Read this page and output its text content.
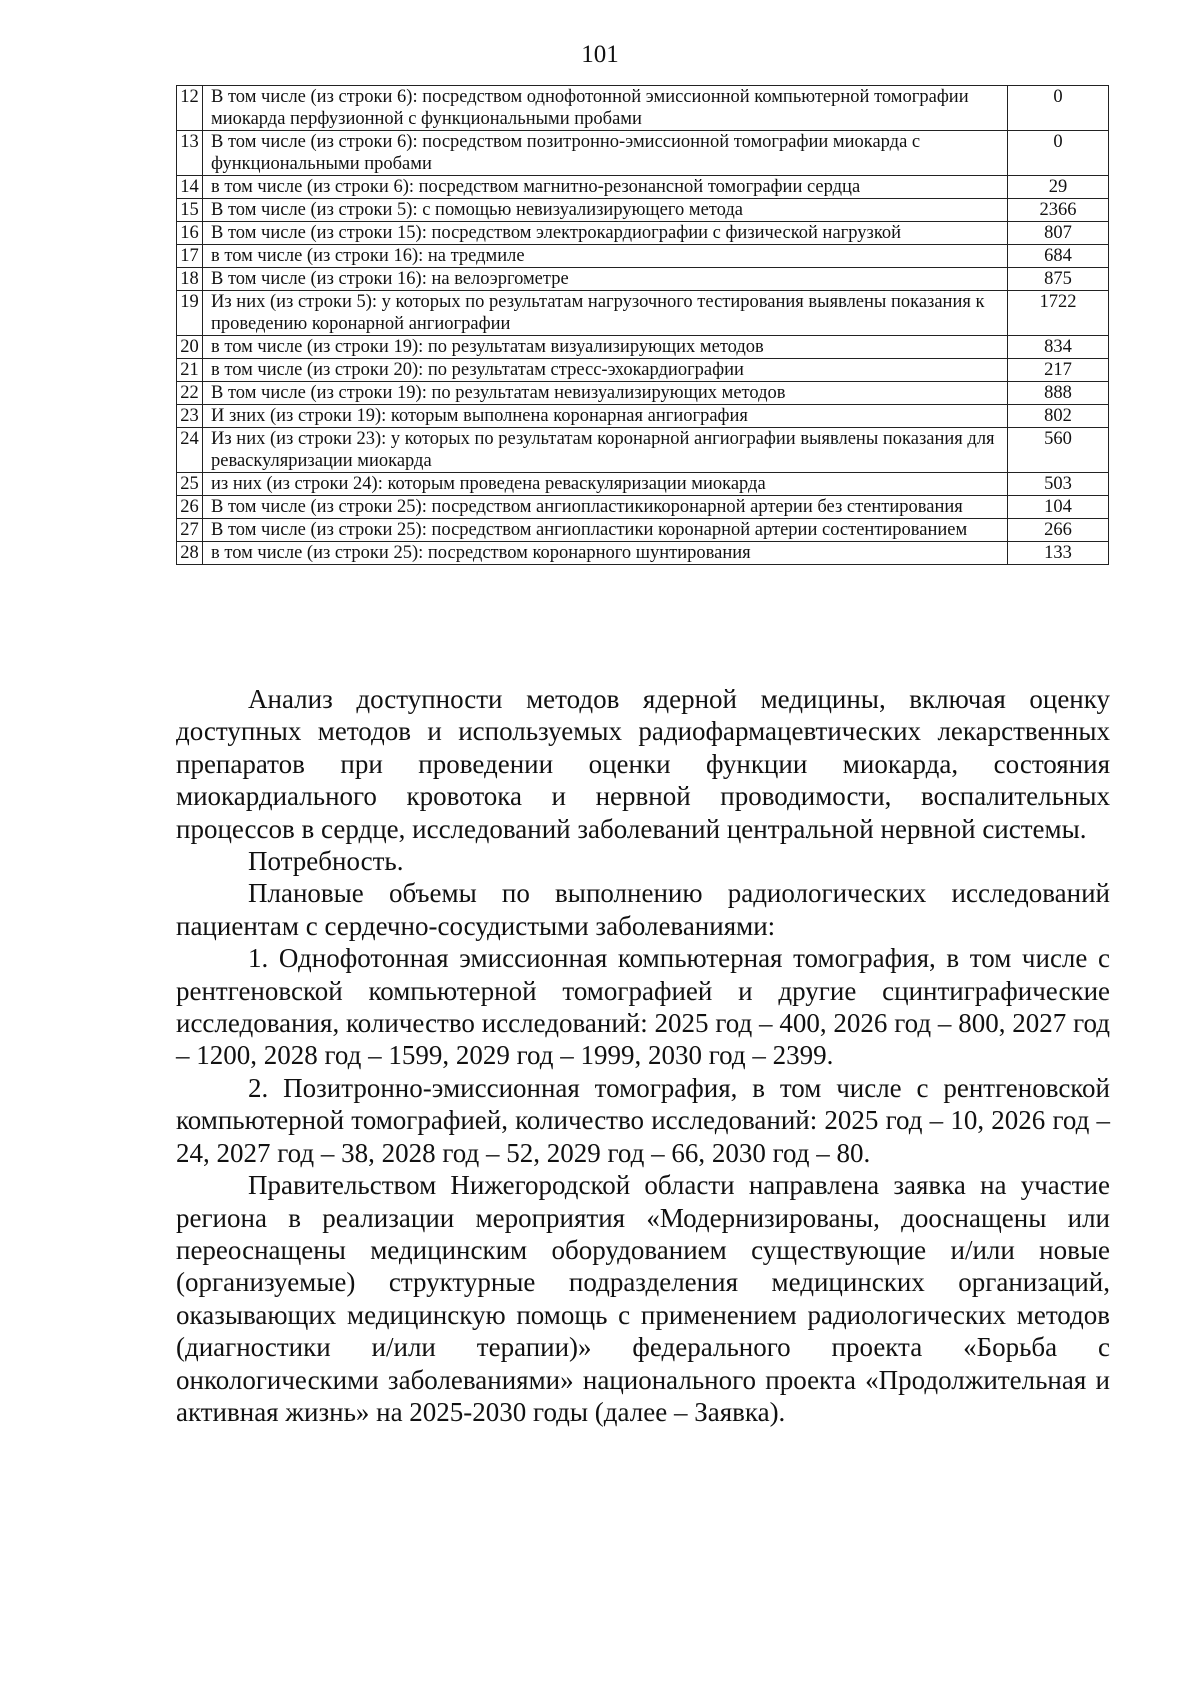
101
12	В том числе (из строки 6): посредством однофотонной эмиссионной компьютерной томографии миокарда перфузионной с функциональными пробами	0
13	В том числе (из строки 6): посредством позитронно-эмиссионной томографии миокарда с функциональными пробами	0
14	в том числе (из строки 6): посредством магнитно-резонансной томографии сердца	29
15	В том числе (из строки 5): с помощью невизуализирующего метода	2366
16	В том числе (из строки 15): посредством электрокардиографии с физической нагрузкой	807
17	в том числе (из строки 16): на тредмиле	684
18	В том числе (из строки 16): на велоэргометре	875
19	Из них (из строки 5): у которых по результатам нагрузочного тестирования выявлены показания к проведению коронарной ангиографии	1722
20	в том числе (из строки 19): по результатам визуализирующих методов	834
21	в том числе (из строки 20): по результатам стресс-эхокардиографии	217
22	В том числе (из строки 19): по результатам невизуализирующих методов	888
23	И зних (из строки 19): которым выполнена коронарная ангиография	802
24	Из них (из строки 23): у которых по результатам коронарной ангиографии выявлены показания для реваскуляризации миокарда	560
25	из них (из строки 24): которым проведена реваскуляризации миокарда	503
26	В том числе (из строки 25): посредством ангиопластикикоронарной артерии без стентирования	104
27	В том числе (из строки 25): посредством ангиопластики коронарной артерии состентированием	266
28	в том числе (из строки 25): посредством коронарного шунтирования	133

Анализ доступности методов ядерной медицины, включая оценку доступных методов и используемых радиофармацевтических лекарственных препаратов при проведении оценки функции миокарда, состояния миокардиального кровотока и нервной проводимости, воспалительных процессов в сердце, исследований заболеваний центральной нервной системы.

Потребность.

Плановые объемы по выполнению радиологических исследований пациентам с сердечно-сосудистыми заболеваниями:

1. Однофотонная эмиссионная компьютерная томография, в том числе с рентгеновской компьютерной томографией и другие сцинтиграфические исследования, количество исследований: 2025 год – 400, 2026 год – 800, 2027 год – 1200, 2028 год – 1599, 2029 год – 1999, 2030 год – 2399.

2. Позитронно-эмиссионная томография, в том числе с рентгеновской компьютерной томографией, количество исследований: 2025 год – 10, 2026 год – 24, 2027 год – 38, 2028 год – 52, 2029 год – 66, 2030 год – 80.

Правительством Нижегородской области направлена заявка на участие региона в реализации мероприятия «Модернизированы, дооснащены или переоснащены медицинским оборудованием существующие и/или новые (организуемые) структурные подразделения медицинских организаций, оказывающих медицинскую помощь с применением радиологических методов (диагностики и/или терапии)» федерального проекта «Борьба с онкологическими заболеваниями» национального проекта «Продолжительная и активная жизнь» на 2025-2030 годы (далее – Заявка).
